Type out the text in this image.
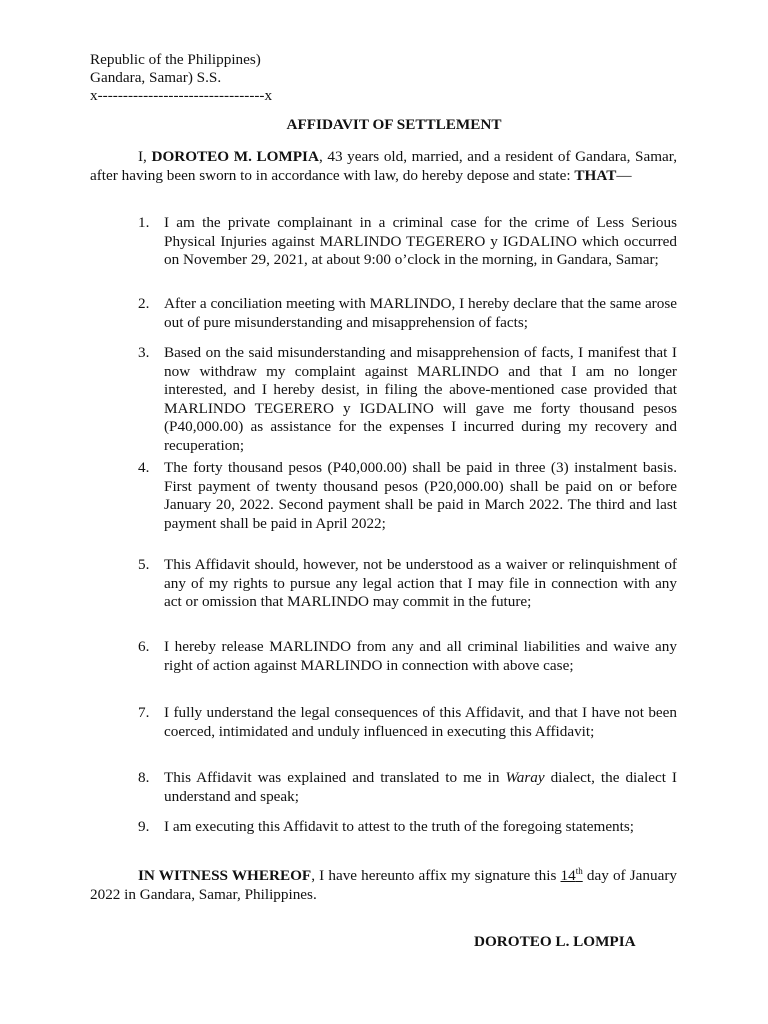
Republic of the Philippines)
Gandara, Samar) S.S.
x---------------------------------x
AFFIDAVIT OF SETTLEMENT
I, DOROTEO M. LOMPIA, 43 years old, married, and a resident of Gandara, Samar, after having been sworn to in accordance with law, do hereby depose and state: THAT—
1. I am the private complainant in a criminal case for the crime of Less Serious Physical Injuries against MARLINDO TEGERERO y IGDALINO which occurred on November 29, 2021, at about 9:00 o’clock in the morning, in Gandara, Samar;
2. After a conciliation meeting with MARLINDO, I hereby declare that the same arose out of pure misunderstanding and misapprehension of facts;
3. Based on the said misunderstanding and misapprehension of facts, I manifest that I now withdraw my complaint against MARLINDO and that I am no longer interested, and I hereby desist, in filing the above-mentioned case provided that MARLINDO TEGERERO y IGDALINO will gave me forty thousand pesos (P40,000.00) as assistance for the expenses I incurred during my recovery and recuperation;
4. The forty thousand pesos (P40,000.00) shall be paid in three (3) instalment basis. First payment of twenty thousand pesos (P20,000.00) shall be paid on or before January 20, 2022. Second payment shall be paid in March 2022. The third and last payment shall be paid in April 2022;
5. This Affidavit should, however, not be understood as a waiver or relinquishment of any of my rights to pursue any legal action that I may file in connection with any act or omission that MARLINDO may commit in the future;
6. I hereby release MARLINDO from any and all criminal liabilities and waive any right of action against MARLINDO in connection with above case;
7. I fully understand the legal consequences of this Affidavit, and that I have not been coerced, intimidated and unduly influenced in executing this Affidavit;
8. This Affidavit was explained and translated to me in Waray dialect, the dialect I understand and speak;
9. I am executing this Affidavit to attest to the truth of the foregoing statements;
IN WITNESS WHEREOF, I have hereunto affix my signature this 14th day of January 2022 in Gandara, Samar, Philippines.
DOROTEO L. LOMPIA
